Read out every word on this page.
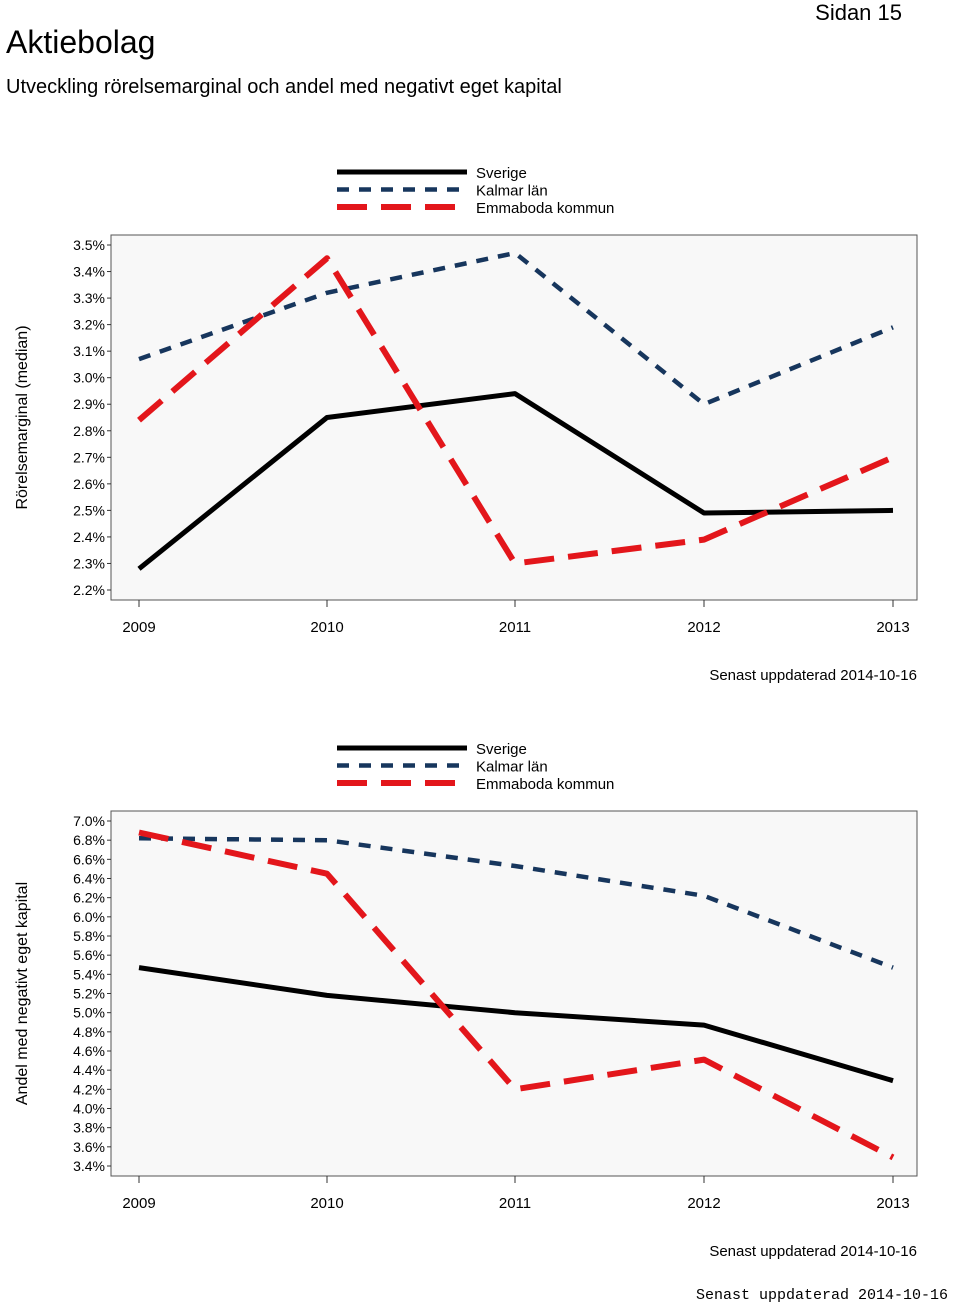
Sidan 15
Aktiebolag
Utveckling rörelsemarginal och andel med negativt eget kapital
Sverige
Kalmar län
Emmaboda kommun
2.2%
2.3%
2.4%
2.5%
2.6%
2.7%
2.8%
2.9%
3.0%
3.1%
3.2%
3.3%
3.4%
3.5%
Rörelsemarginal (median)
2009	2010	2011	2012	2013
Senast uppdaterad 2014-10-16
Sverige
Kalmar län
Emmaboda kommun
3.4%
3.6%
3.8%
4.0%
4.2%
4.4%
4.6%
4.8%
5.0%
5.2%
5.4%
5.6%
5.8%
6.0%
6.2%
6.4%
6.6%
6.8%
7.0%
Andel med negativt eget kapital
2009	2010	2011	2012	2013
Senast uppdaterad 2014-10-16
Senast uppdaterad 2014-10-16
